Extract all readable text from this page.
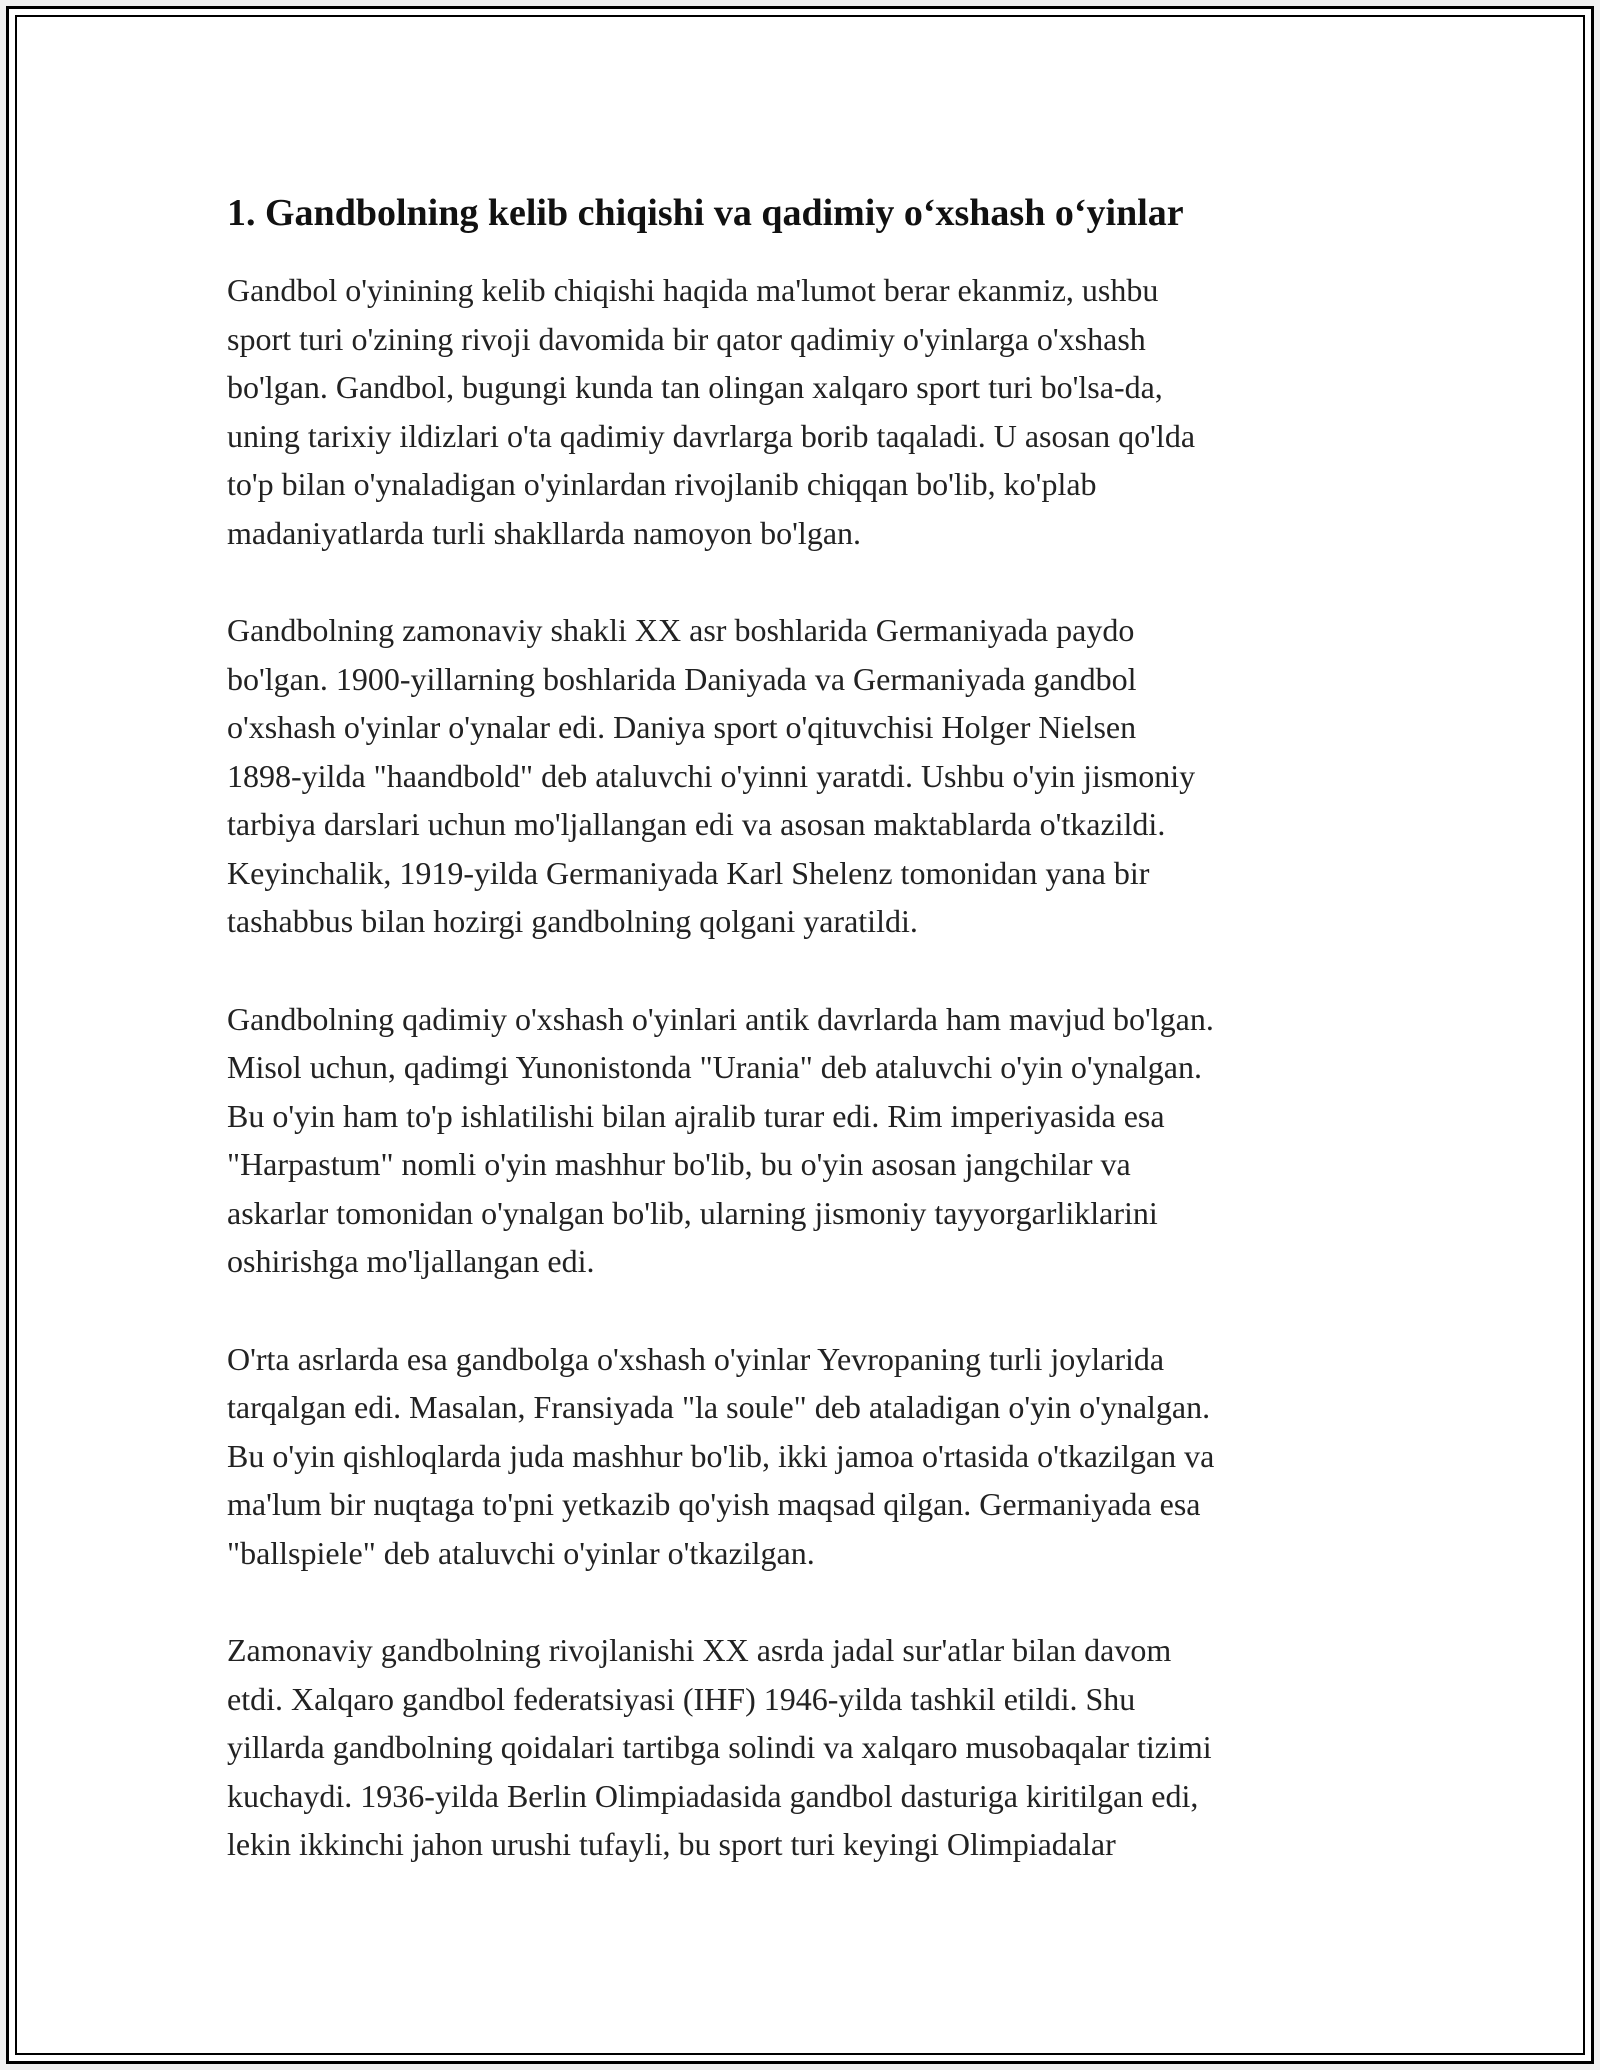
1. Gandbolning kelib chiqishi va qadimiy o‘xshash o‘yinlar

Gandbol o'yinining kelib chiqishi haqida ma'lumot berar ekanmiz, ushbu
sport turi o'zining rivoji davomida bir qator qadimiy o'yinlarga o'xshash
bo'lgan. Gandbol, bugungi kunda tan olingan xalqaro sport turi bo'lsa-da,
uning tarixiy ildizlari o'ta qadimiy davrlarga borib taqaladi. U asosan qo'lda
to'p bilan o'ynaladigan o'yinlardan rivojlanib chiqqan bo'lib, ko'plab
madaniyatlarda turli shakllarda namoyon bo'lgan.

Gandbolning zamonaviy shakli XX asr boshlarida Germaniyada paydo
bo'lgan. 1900-yillarning boshlarida Daniyada va Germaniyada gandbol
o'xshash o'yinlar o'ynalar edi. Daniya sport o'qituvchisi Holger Nielsen
1898-yilda "haandbold" deb ataluvchi o'yinni yaratdi. Ushbu o'yin jismoniy
tarbiya darslari uchun mo'ljallangan edi va asosan maktablarda o'tkazildi.
Keyinchalik, 1919-yilda Germaniyada Karl Shelenz tomonidan yana bir
tashabbus bilan hozirgi gandbolning qolgani yaratildi.

Gandbolning qadimiy o'xshash o'yinlari antik davrlarda ham mavjud bo'lgan.
Misol uchun, qadimgi Yunonistonda "Urania" deb ataluvchi o'yin o'ynalgan.
Bu o'yin ham to'p ishlatilishi bilan ajralib turar edi. Rim imperiyasida esa
"Harpastum" nomli o'yin mashhur bo'lib, bu o'yin asosan jangchilar va
askarlar tomonidan o'ynalgan bo'lib, ularning jismoniy tayyorgarliklarini
oshirishga mo'ljallangan edi.

O'rta asrlarda esa gandbolga o'xshash o'yinlar Yevropaning turli joylarida
tarqalgan edi. Masalan, Fransiyada "la soule" deb ataladigan o'yin o'ynalgan.
Bu o'yin qishloqlarda juda mashhur bo'lib, ikki jamoa o'rtasida o'tkazilgan va
ma'lum bir nuqtaga to'pni yetkazib qo'yish maqsad qilgan. Germaniyada esa
"ballspiele" deb ataluvchi o'yinlar o'tkazilgan.

Zamonaviy gandbolning rivojlanishi XX asrda jadal sur'atlar bilan davom
etdi. Xalqaro gandbol federatsiyasi (IHF) 1946-yilda tashkil etildi. Shu
yillarda gandbolning qoidalari tartibga solindi va xalqaro musobaqalar tizimi
kuchaydi. 1936-yilda Berlin Olimpiadasida gandbol dasturiga kiritilgan edi,
lekin ikkinchi jahon urushi tufayli, bu sport turi keyingi Olimpiadalar
